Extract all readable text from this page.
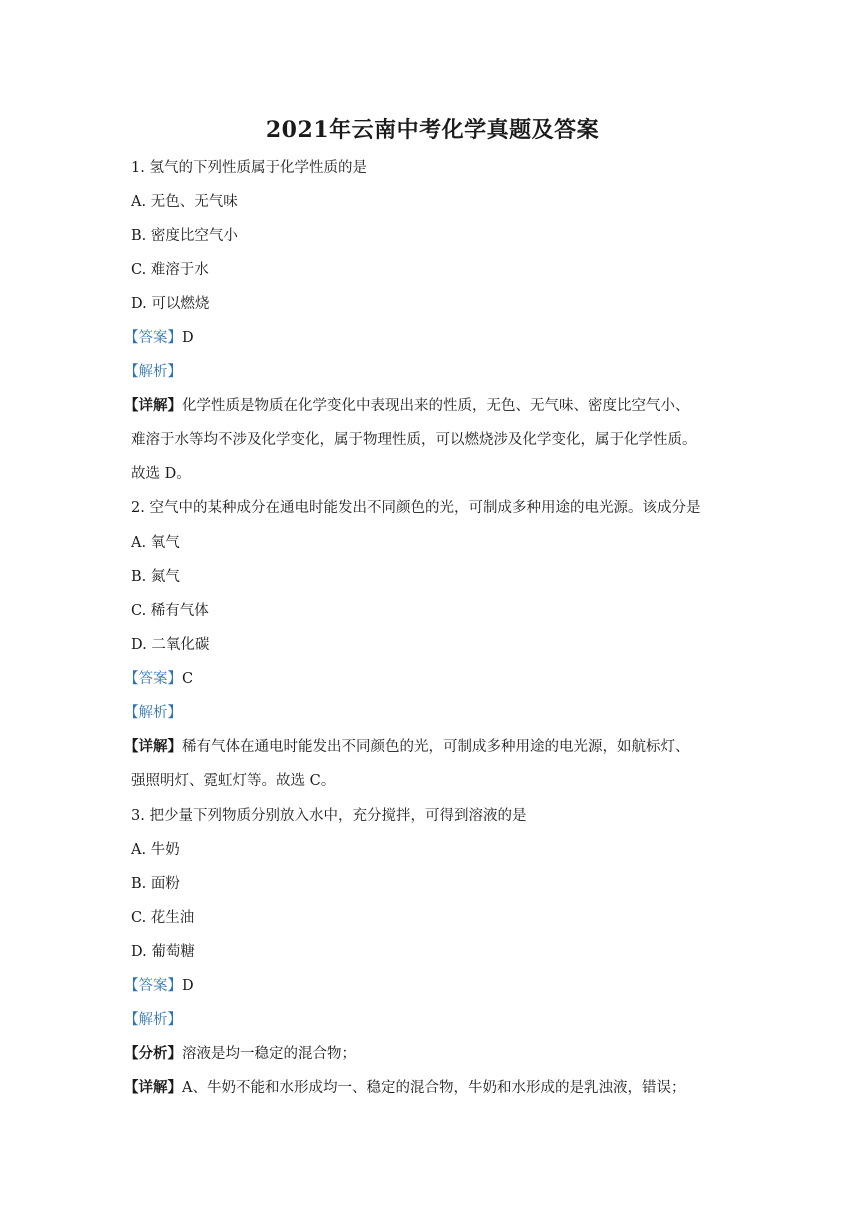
2021年云南中考化学真题及答案
1. 氢气的下列性质属于化学性质的是
A. 无色、无气味
B. 密度比空气小
C. 难溶于水
D. 可以燃烧
【答案】D
【解析】
【详解】化学性质是物质在化学变化中表现出来的性质，无色、无气味、密度比空气小、
难溶于水等均不涉及化学变化，属于物理性质，可以燃烧涉及化学变化，属于化学性质。
故选 D。
2. 空气中的某种成分在通电时能发出不同颜色的光，可制成多种用途的电光源。该成分是
A. 氧气
B. 氮气
C. 稀有气体
D. 二氧化碳
【答案】C
【解析】
【详解】稀有气体在通电时能发出不同颜色的光，可制成多种用途的电光源，如航标灯、
强照明灯、霓虹灯等。故选 C。
3. 把少量下列物质分别放入水中，充分搅拌，可得到溶液的是
A. 牛奶
B. 面粉
C. 花生油
D. 葡萄糖
【答案】D
【解析】
【分析】溶液是均一稳定的混合物；
【详解】A、牛奶不能和水形成均一、稳定的混合物，牛奶和水形成的是乳浊液，错误；
